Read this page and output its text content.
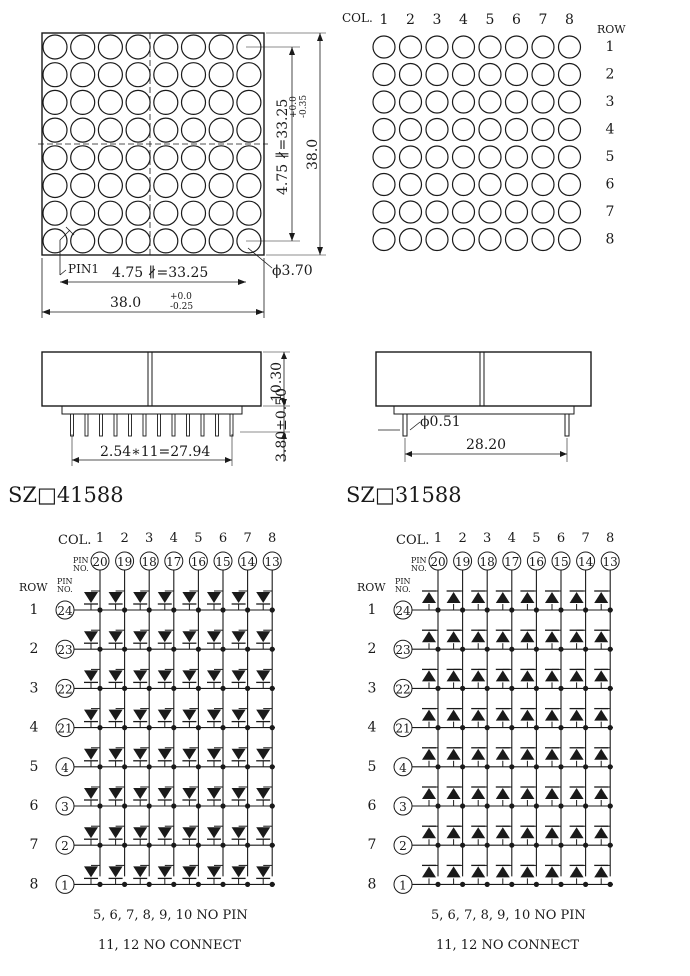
PIN1 4.75 ∦=33.25
38.0	+0.0
-0.25
4.75 ∦=33.25 38.0
+0.0 -0.35
ϕ3.70
COL.
ROW
1 2 3 4 5 6 7 8
1
2
3
4
5
6
7
8
10.30
3.80±0.50
2.54∗11=27.94
ϕ0.51
28.20
SZ□41588
COL.
PIN
NO.
ROW PIN
NO.
1
20
2
19
3
18
4
17
5
16
6
15
7
14
8
13
1 24
2 23
3 22
4 21
5 4
6 3
7 2
8 1
5, 6, 7, 8, 9, 10 NO PIN
11, 12 NO CONNECT
SZ□31588
COL.
PIN
NO.
ROW PIN
NO.
1
20
2
19
3
18
4
17
5
16
6
15
7
14
8
13
1 24
2 23
3 22
4 21
5 4
6 3
7 2
8 1
5, 6, 7, 8, 9, 10 NO PIN
11, 12 NO CONNECT
